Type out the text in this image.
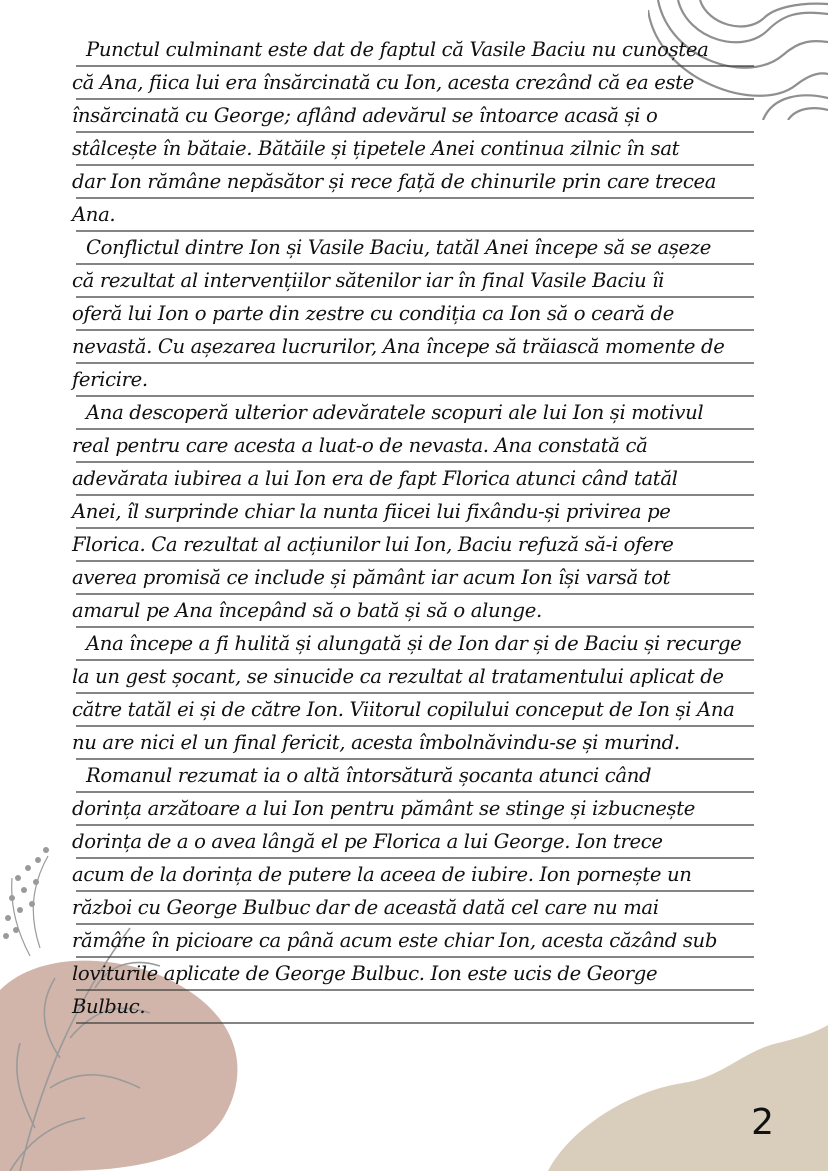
Punctul culminant este dat de faptul că Vasile Baciu nu cunoștea
că Ana, fiica lui era însărcinată cu Ion, acesta crezând că ea este
însărcinată cu George; aflând adevărul se întoarce acasă și o
stâlcește în bătaie. Bătăile și țipetele Anei continua zilnic în sat
dar Ion rămâne nepăsător și rece față de chinurile prin care trecea
Ana.
Conflictul dintre Ion și Vasile Baciu, tatăl Anei începe să se așeze
că rezultat al intervențiilor sătenilor iar în final Vasile Baciu îi
oferă lui Ion o parte din zestre cu condiția ca Ion să o ceară de
nevastă. Cu așezarea lucrurilor, Ana începe să trăiască momente de
fericire.
Ana descoperă ulterior adevăratele scopuri ale lui Ion și motivul
real pentru care acesta a luat-o de nevasta. Ana constată că
adevărata iubirea a lui Ion era de fapt Florica atunci când tatăl
Anei, îl surprinde chiar la nunta fiicei lui fixându-și privirea pe
Florica. Ca rezultat al acțiunilor lui Ion, Baciu refuză să-i ofere
averea promisă ce include și pământ iar acum Ion își varsă tot
amarul pe Ana începând să o bată și să o alunge.
Ana începe a fi hulită și alungată și de Ion dar și de Baciu și recurge
la un gest șocant, se sinucide ca rezultat al tratamentului aplicat de
către tatăl ei și de către Ion. Viitorul copilului conceput de Ion și Ana
nu are nici el un final fericit, acesta îmbolnăvindu-se și murind.
Romanul rezumat ia o altă întorsătură șocanta atunci când
dorința arzătoare a lui Ion pentru pământ se stinge și izbucnește
dorința de a o avea lângă el pe Florica a lui George. Ion trece
acum de la dorința de putere la aceea de iubire. Ion pornește un
război cu George Bulbuc dar de această dată cel care nu mai
rămâne în picioare ca până acum este chiar Ion, acesta căzând sub
loviturile aplicate de George Bulbuc. Ion este ucis de George
Bulbuc.
2
